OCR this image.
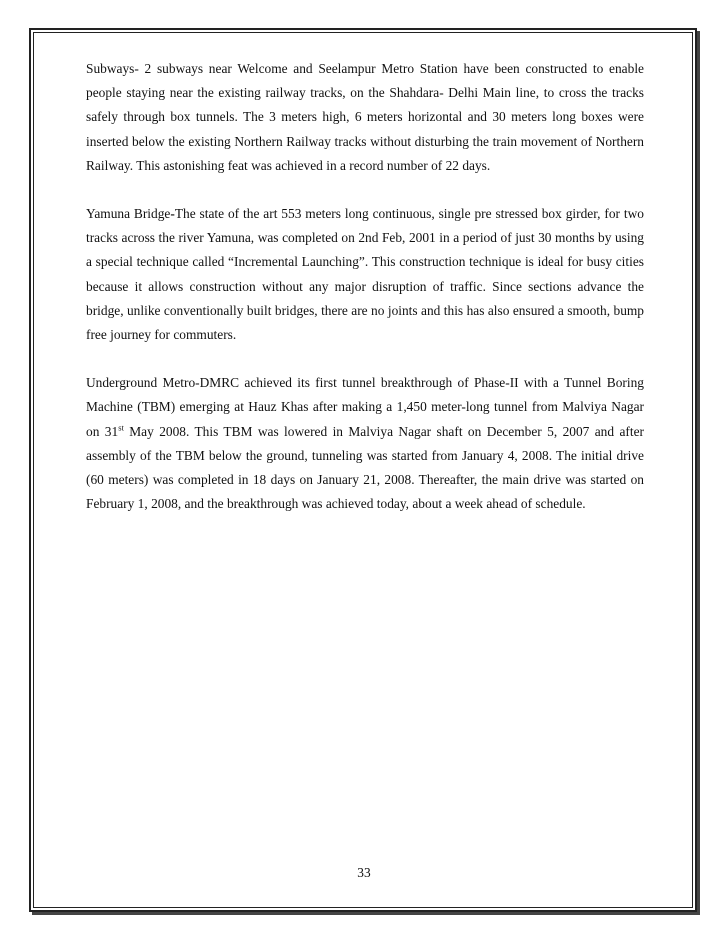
Subways- 2 subways near Welcome and Seelampur Metro Station have been constructed to enable people staying near the existing railway tracks, on the Shahdara- Delhi Main line, to cross the tracks safely through box tunnels. The 3 meters high, 6 meters horizontal and 30 meters long boxes were inserted below the existing Northern Railway tracks without disturbing the train movement of Northern Railway. This astonishing feat was achieved in a record number of 22 days.

Yamuna Bridge-The state of the art 553 meters long continuous, single pre stressed box girder, for two tracks across the river Yamuna, was completed on 2nd Feb, 2001 in a period of just 30 months by using a special technique called “Incremental Launching”. This construction technique is ideal for busy cities because it allows construction without any major disruption of traffic. Since sections advance the bridge, unlike conventionally built bridges, there are no joints and this has also ensured a smooth, bump free journey for commuters.

Underground Metro-DMRC achieved its first tunnel breakthrough of Phase-II with a Tunnel Boring Machine (TBM) emerging at Hauz Khas after making a 1,450 meter-long tunnel from Malviya Nagar on 31st May 2008. This TBM was lowered in Malviya Nagar shaft on December 5, 2007 and after assembly of the TBM below the ground, tunneling was started from January 4, 2008. The initial drive (60 meters) was completed in 18 days on January 21, 2008. Thereafter, the main drive was started on February 1, 2008, and the breakthrough was achieved today, about a week ahead of schedule.

33
